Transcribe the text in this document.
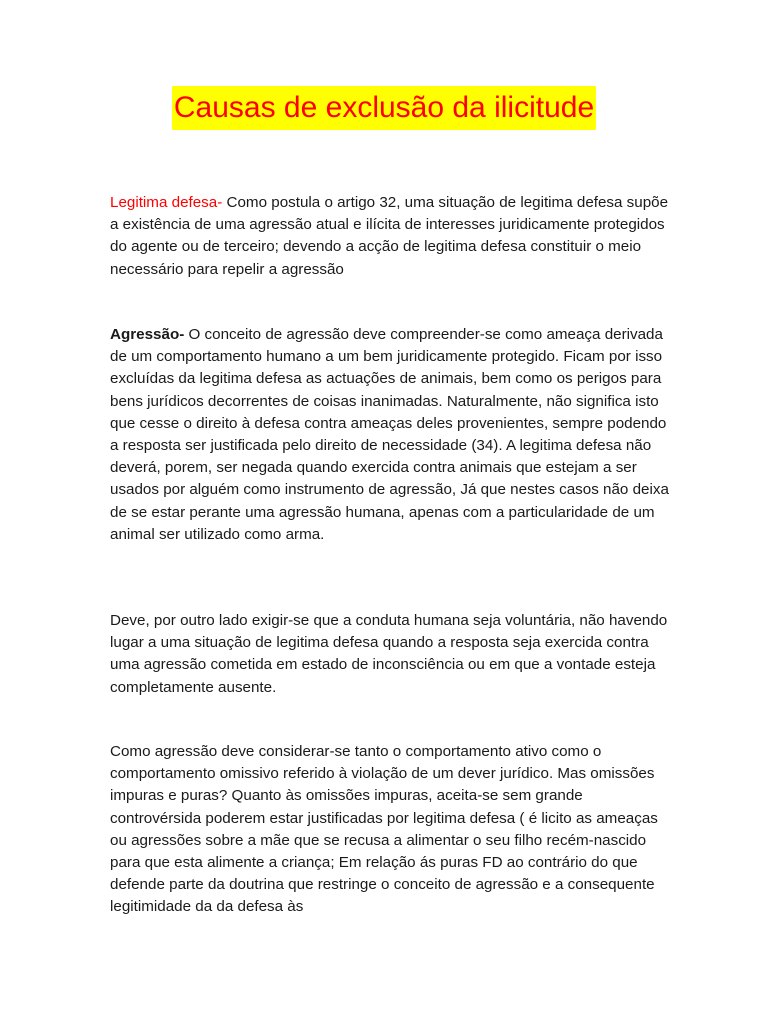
Causas de exclusão da ilicitude

Legitima defesa- Como postula o artigo 32, uma situação de legitima defesa supõe a existência de uma agressão atual e ilícita de interesses juridicamente protegidos do agente ou de terceiro; devendo a acção de legitima defesa constituir o meio necessário para repelir a agressão

Agressão- O conceito de agressão deve compreender-se como ameaça derivada de um comportamento humano a um bem juridicamente protegido. Ficam por isso excluídas da legitima defesa as actuações de animais, bem como os perigos para bens jurídicos decorrentes de coisas inanimadas. Naturalmente, não significa isto que cesse o direito à defesa contra ameaças deles provenientes, sempre podendo a resposta ser justificada pelo direito de necessidade (34). A legitima defesa não deverá, porem, ser negada quando exercida contra animais que estejam a ser usados por alguém como instrumento de agressão, Já que nestes casos não deixa de se estar perante uma agressão humana, apenas com a particularidade de um animal ser utilizado como arma.

Deve, por outro lado exigir-se que a conduta humana seja voluntária, não havendo lugar a uma situação de legitima defesa quando a resposta seja exercida contra uma agressão cometida em estado de inconsciência ou em que a vontade esteja completamente ausente.

Como agressão deve considerar-se tanto o comportamento ativo como o comportamento omissivo referido à violação de um dever jurídico. Mas omissões impuras e puras? Quanto às omissões impuras, aceita-se sem grande controvérsida poderem estar justificadas por legitima defesa ( é licito as ameaças ou agressões sobre a mãe que se recusa a alimentar o seu filho recém-nascido para que esta alimente a criança; Em relação ás puras FD ao contrário do que defende parte da doutrina que restringe o conceito de agressão e a consequente legitimidade da da defesa às
